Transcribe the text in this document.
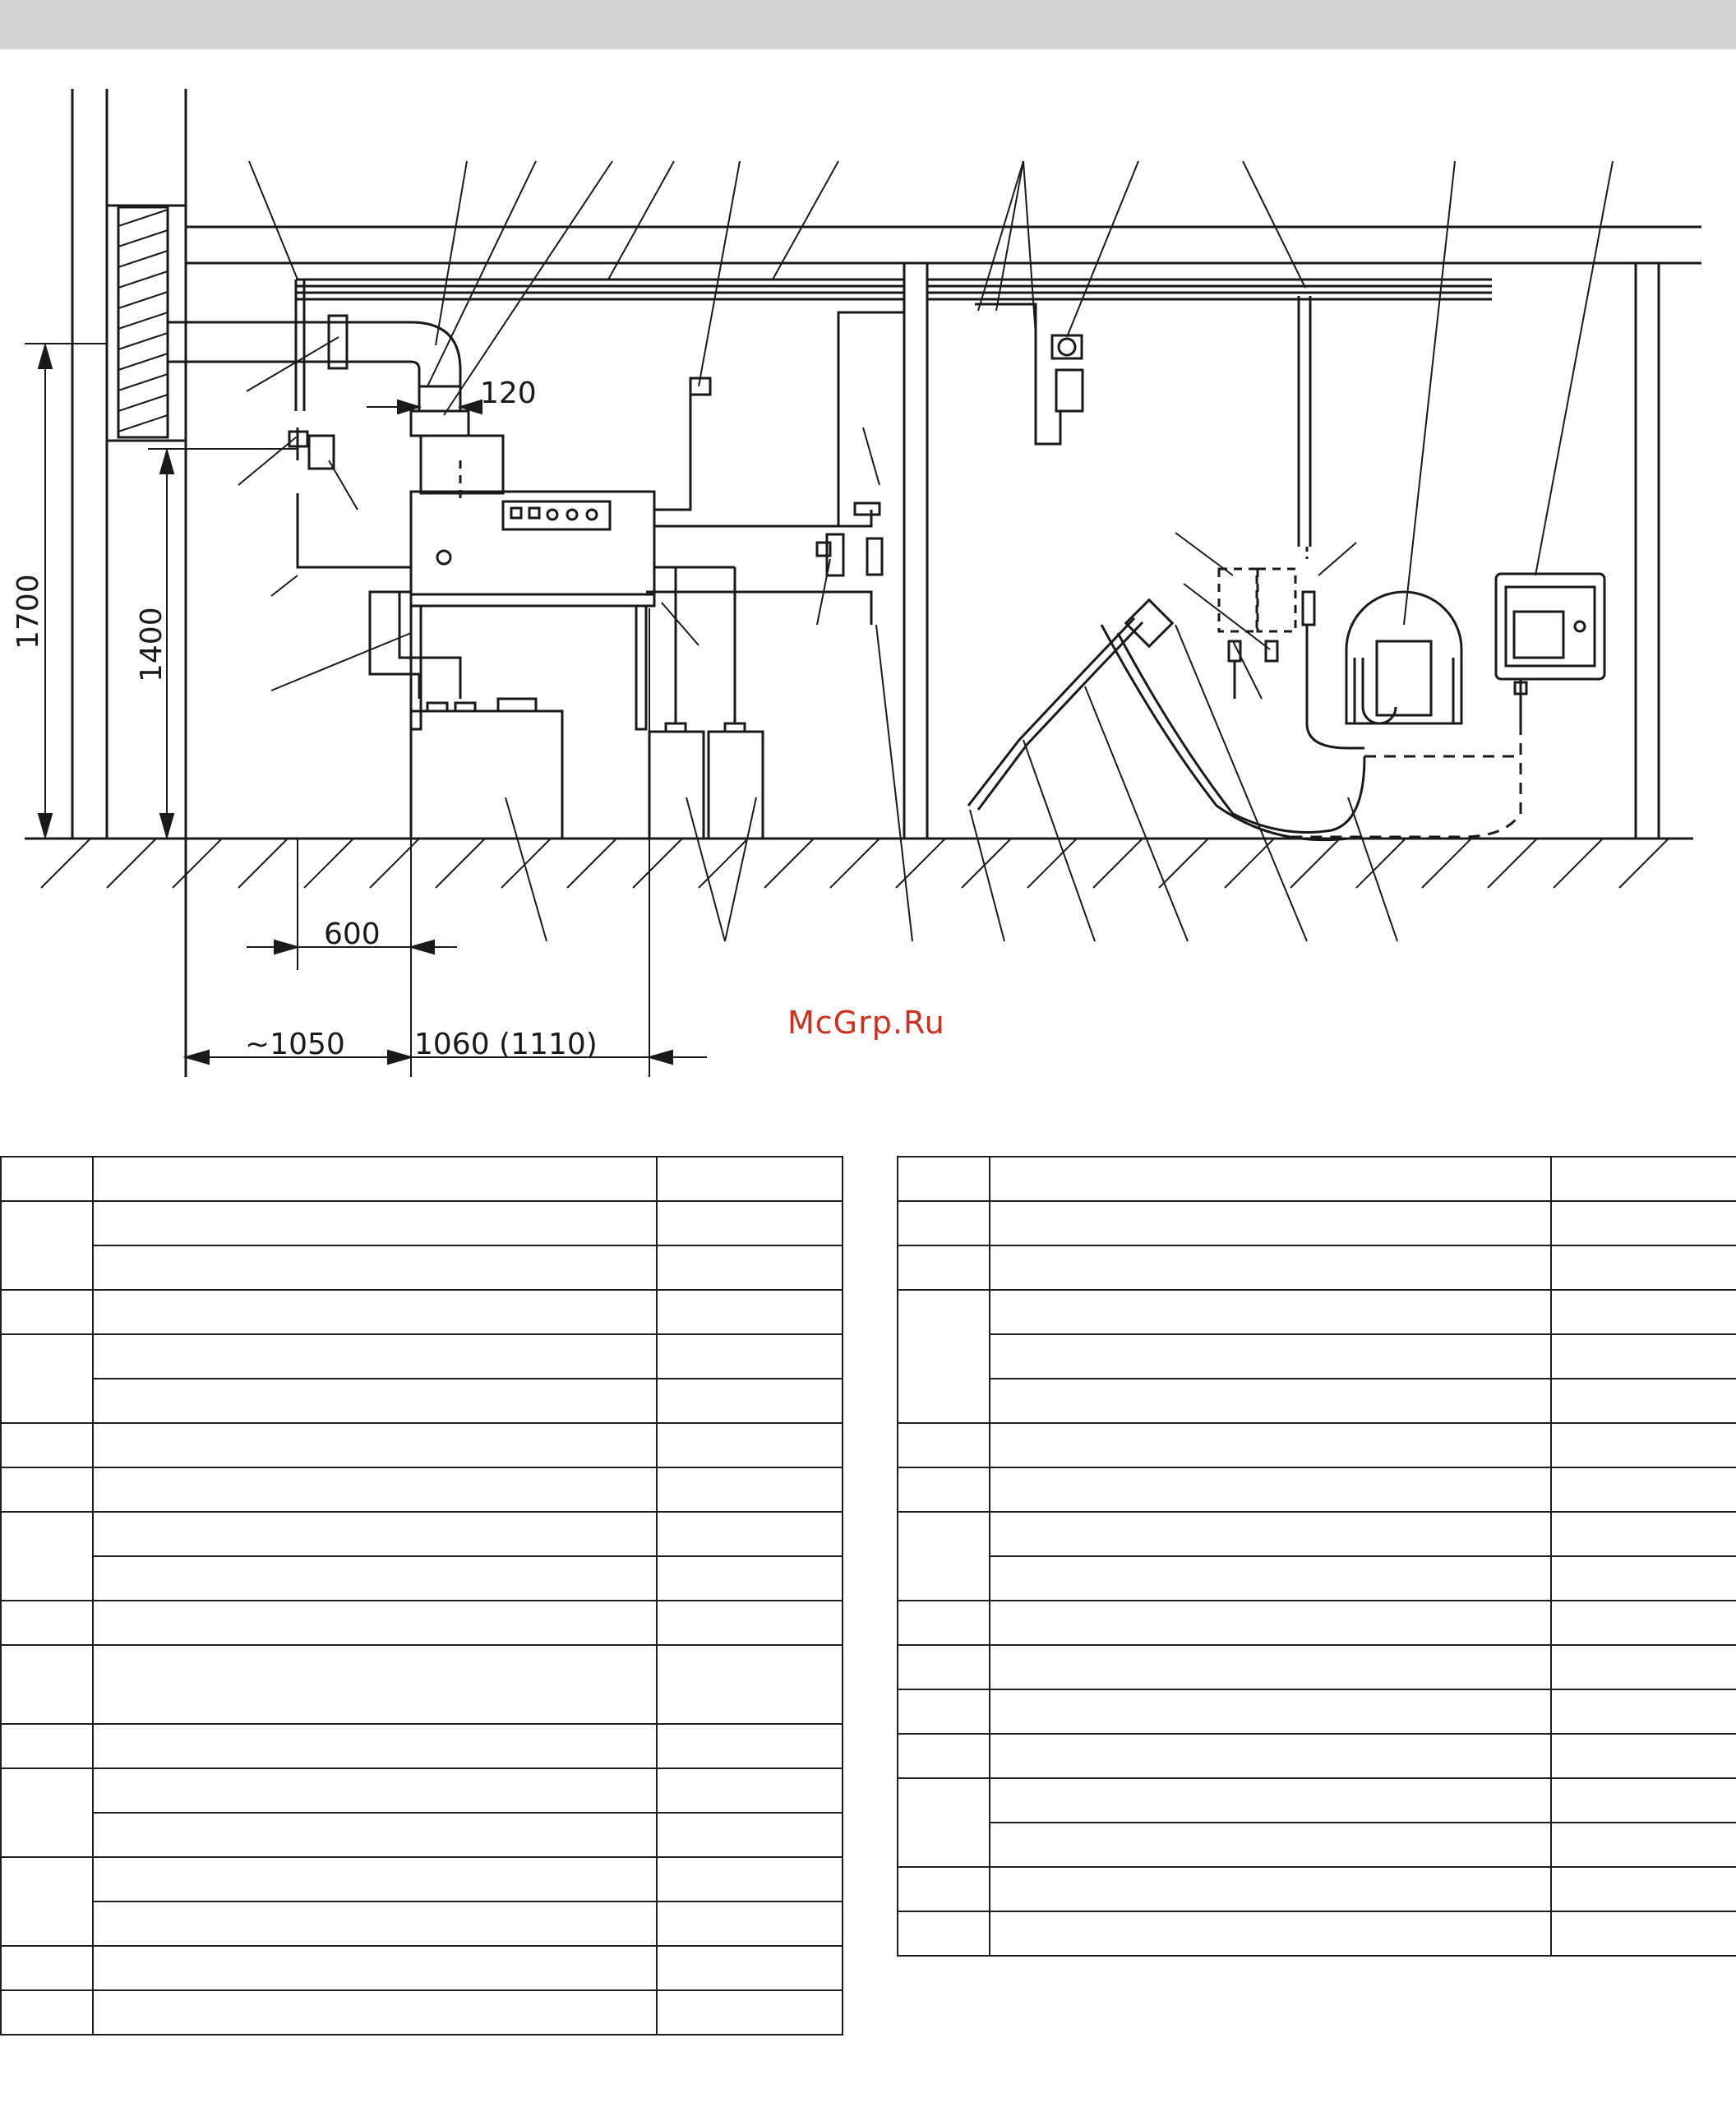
1700	1400
120
600
~1050 1060 (1110)
McGrp.Ru
